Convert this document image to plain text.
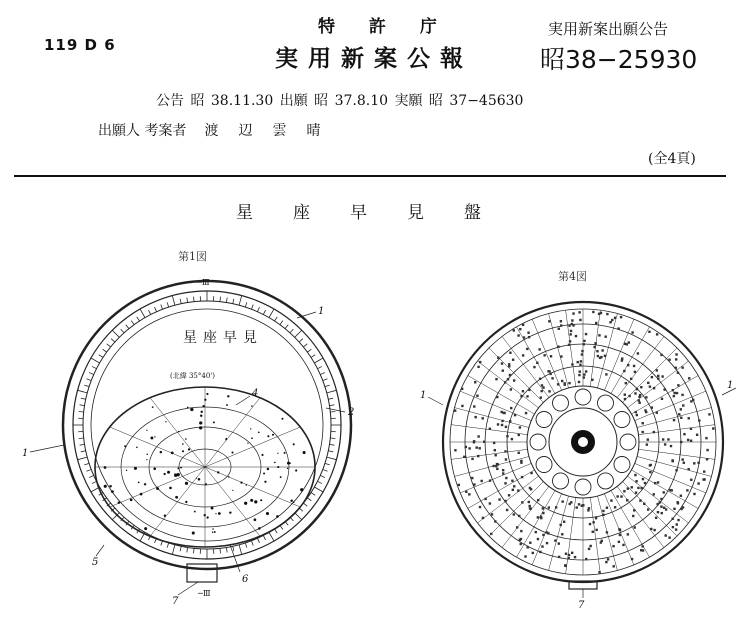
119 D 6
特 許 庁
実用新案公報
実用新案出願公告
昭38−25930
公告 昭 38.11.30 出願 昭 37.8.10 実願 昭 37−45630
出願人 考案者 渡辺雲晴
(全4頁)
星座早見盤
第1図
第4図
星座早見
(北緯 35°40')
─Ⅲ
─Ⅲ
1
2
4
5
6
7
1
1
1
7
